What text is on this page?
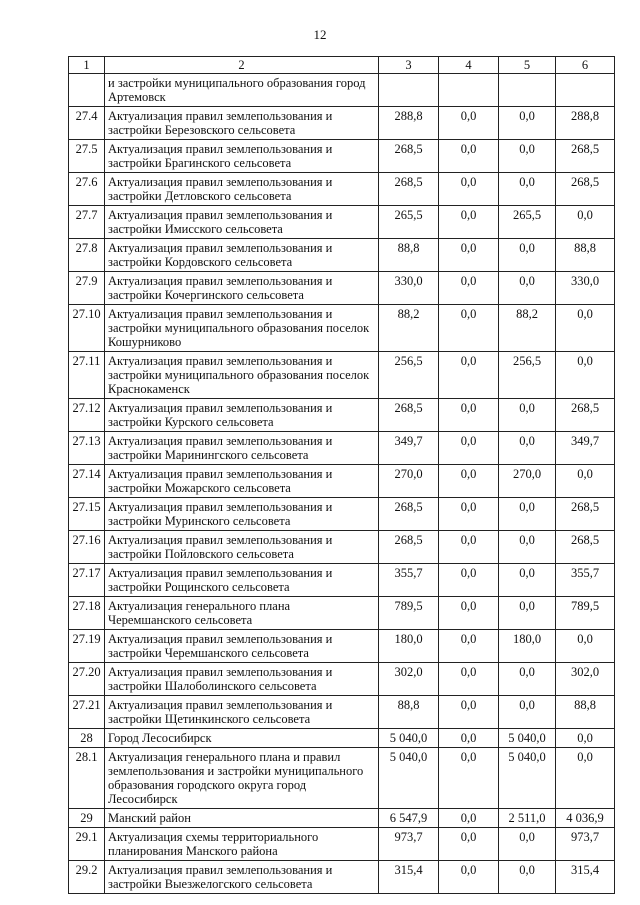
12
1	2	3	4	5	6
	и застройки муниципального образования город Артемовск				
27.4	Актуализация правил землепользования и застройки Березовского сельсовета	288,8	0,0	0,0	288,8
27.5	Актуализация правил землепользования и застройки Брагинского сельсовета	268,5	0,0	0,0	268,5
27.6	Актуализация правил землепользования и застройки Детловского сельсовета	268,5	0,0	0,0	268,5
27.7	Актуализация правил землепользования и застройки Имисского сельсовета	265,5	0,0	265,5	0,0
27.8	Актуализация правил землепользования и застройки Кордовского сельсовета	88,8	0,0	0,0	88,8
27.9	Актуализация правил землепользования и застройки Кочергинского сельсовета	330,0	0,0	0,0	330,0
27.10	Актуализация правил землепользования и застройки муниципального образования поселок Кошурниково	88,2	0,0	88,2	0,0
27.11	Актуализация правил землепользования и застройки муниципального образования поселок Краснокаменск	256,5	0,0	256,5	0,0
27.12	Актуализация правил землепользования и застройки Курского сельсовета	268,5	0,0	0,0	268,5
27.13	Актуализация правил землепользования и застройки Маринингского сельсовета	349,7	0,0	0,0	349,7
27.14	Актуализация правил землепользования и застройки Можарского сельсовета	270,0	0,0	270,0	0,0
27.15	Актуализация правил землепользования и застройки Муринского сельсовета	268,5	0,0	0,0	268,5
27.16	Актуализация правил землепользования и застройки Пойловского сельсовета	268,5	0,0	0,0	268,5
27.17	Актуализация правил землепользования и застройки Рощинского сельсовета	355,7	0,0	0,0	355,7
27.18	Актуализация генерального плана Черемшанского сельсовета	789,5	0,0	0,0	789,5
27.19	Актуализация правил землепользования и застройки Черемшанского сельсовета	180,0	0,0	180,0	0,0
27.20	Актуализация правил землепользования и застройки Шалоболинского сельсовета	302,0	0,0	0,0	302,0
27.21	Актуализация правил землепользования и застройки Щетинкинского сельсовета	88,8	0,0	0,0	88,8
28	Город Лесосибирск	5 040,0	0,0	5 040,0	0,0
28.1	Актуализация генерального плана и правил землепользования и застройки муниципального образования городского округа город Лесосибирск	5 040,0	0,0	5 040,0	0,0
29	Манский район	6 547,9	0,0	2 511,0	4 036,9
29.1	Актуализация схемы территориального планирования Манского района	973,7	0,0	0,0	973,7
29.2	Актуализация правил землепользования и застройки Выезжелогского сельсовета	315,4	0,0	0,0	315,4
